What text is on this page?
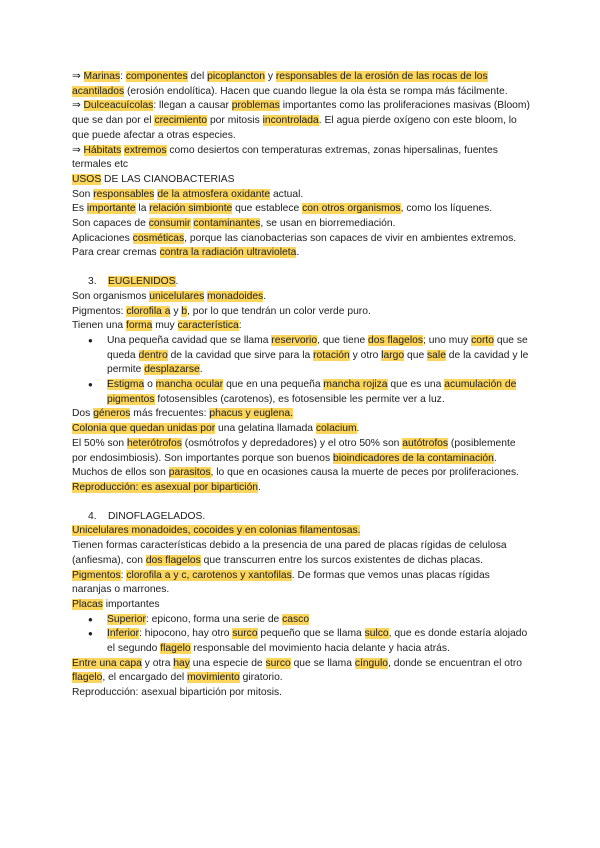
⇒ Marinas: componentes del picoplancton y responsables de la erosión de las rocas de los acantilados (erosión endolítica). Hacen que cuando llegue la ola ésta se rompa más fácilmente.

⇒ Dulceacuícolas: llegan a causar problemas importantes como las proliferaciones masivas (Bloom) que se dan por el crecimiento por mitosis incontrolada. El agua pierde oxígeno con este bloom, lo que puede afectar a otras especies.

⇒ Hábitats extremos como desiertos con temperaturas extremas, zonas hipersalinas, fuentes termales etc

USOS DE LAS CIANOBACTERIAS

Son responsables de la atmosfera oxidante actual.

Es importante la relación simbionte que establece con otros organismos, como los líquenes.

Son capaces de consumir contaminantes, se usan en biorremediación.

Aplicaciones cosméticas, porque las cianobacterias son capaces de vivir en ambientes extremos. Para crear cremas contra la radiación ultravioleta.

3. EUGLENIDOS.

Son organismos unicelulares monadoides.

Pigmentos: clorofila a y b, por lo que tendrán un color verde puro.

Tienen una forma muy característica:

● Una pequeña cavidad que se llama reservorio, que tiene dos flagelos; uno muy corto que se queda dentro de la cavidad que sirve para la rotación y otro largo que sale de la cavidad y le permite desplazarse.
● Estigma o mancha ocular que en una pequeña mancha rojiza que es una acumulación de pigmentos fotosensibles (carotenos), es fotosensible les permite ver a luz.

Dos géneros más frecuentes: phacus y euglena.

Colonia que quedan unidas por una gelatina llamada colacium.

El 50% son heterótrofos (osmótrofos y depredadores) y el otro 50% son autótrofos (posiblemente por endosimbiosis). Son importantes porque son buenos bioindicadores de la contaminación.

Muchos de ellos son parasitos, lo que en ocasiones causa la muerte de peces por proliferaciones.

Reproducción: es asexual por bipartición.

4. DINOFLAGELADOS.

Unicelulares monadoides, cocoides y en colonias filamentosas.

Tienen formas características debido a la presencia de una pared de placas rígidas de celulosa (anfiesma), con dos flagelos que transcurren entre los surcos existentes de dichas placas.

Pigmentos: clorofila a y c, carotenos y xantofilas. De formas que vemos unas placas rígidas naranjas o marrones.

Placas importantes

● Superior: epicono, forma una serie de casco
● Inferior: hipocono, hay otro surco pequeño que se llama sulco, que es donde estaría alojado el segundo flagelo responsable del movimiento hacia delante y hacia atrás.

Entre una capa y otra hay una especie de surco que se llama cíngulo, donde se encuentran el otro flagelo, el encargado del movimiento giratorio.

Reproducción: asexual bipartición por mitosis.
